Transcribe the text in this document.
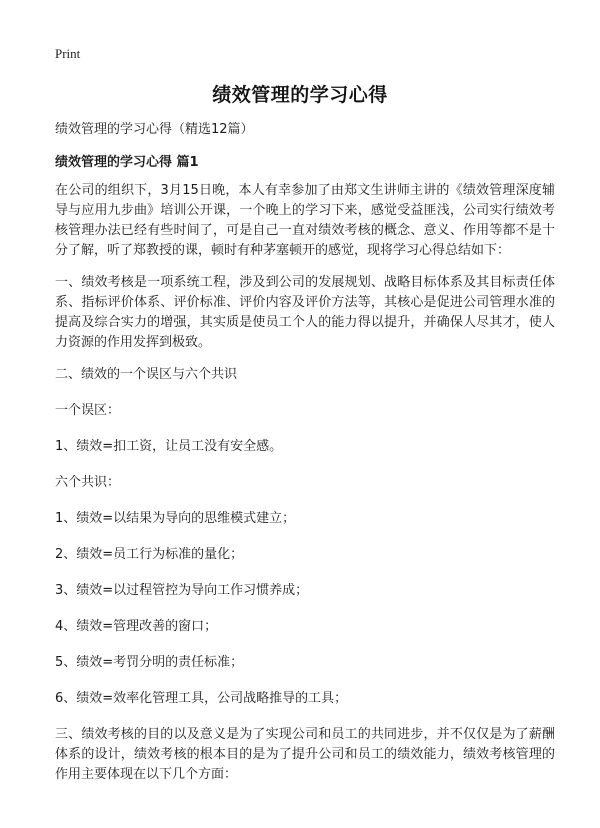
Print
绩效管理的学习心得
绩效管理的学习心得（精选12篇）
绩效管理的学习心得 篇1

在公司的组织下，3月15日晚，本人有幸参加了由郑文生讲师主讲的《绩效管理深度辅导与应用九步曲》培训公开课，一个晚上的学习下来，感觉受益匪浅，公司实行绩效考核管理办法已经有些时间了，可是自己一直对绩效考核的概念、意义、作用等都不是十分了解，听了郑教授的课，顿时有种茅塞顿开的感觉，现将学习心得总结如下：

一、绩效考核是一项系统工程，涉及到公司的发展规划、战略目标体系及其目标责任体系、指标评价体系、评价标准、评价内容及评价方法等，其核心是促进公司管理水准的提高及综合实力的增强，其实质是使员工个人的能力得以提升，并确保人尽其才，使人力资源的作用发挥到极致。

二、绩效的一个误区与六个共识

一个误区：

1、绩效=扣工资，让员工没有安全感。

六个共识：

1、绩效=以结果为导向的思维模式建立；

2、绩效=员工行为标准的量化；

3、绩效=以过程管控为导向工作习惯养成；

4、绩效=管理改善的窗口；

5、绩效=考罚分明的责任标准；

6、绩效=效率化管理工具，公司战略推导的工具；

三、绩效考核的目的以及意义是为了实现公司和员工的共同进步，并不仅仅是为了薪酬体系的设计，绩效考核的根本目的是为了提升公司和员工的绩效能力，绩效考核管理的作用主要体现在以下几个方面：
